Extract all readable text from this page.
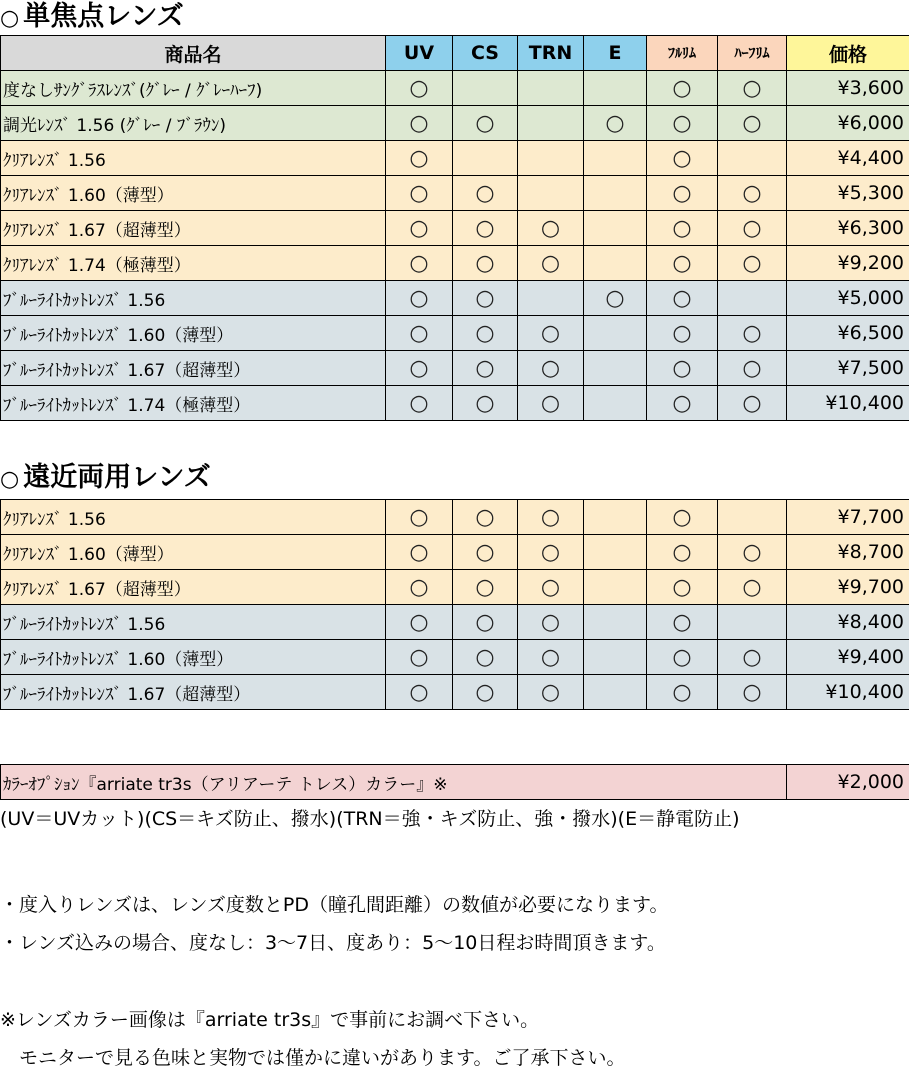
○ 単焦点レンズ
商品名	UV	CS	TRN	E	ﾌﾙﾘﾑ	ﾊｰﾌﾘﾑ	価格
度なしｻﾝｸﾞﾗｽﾚﾝｽﾞ(ｸﾞﾚｰ / ｸﾞﾚｰﾊｰﾌ)	○				○	○	¥3,600
調光ﾚﾝｽﾞ 1.56 (ｸﾞﾚｰ / ﾌﾞﾗｳﾝ)	○	○		○	○	○	¥6,000
ｸﾘｱﾚﾝｽﾞ 1.56	○				○		¥4,400
ｸﾘｱﾚﾝｽﾞ 1.60（薄型）	○	○			○	○	¥5,300
ｸﾘｱﾚﾝｽﾞ 1.67（超薄型）	○	○	○		○	○	¥6,300
ｸﾘｱﾚﾝｽﾞ 1.74（極薄型）	○	○	○		○	○	¥9,200
ﾌﾞﾙｰﾗｲﾄｶｯﾄﾚﾝｽﾞ 1.56	○	○		○	○		¥5,000
ﾌﾞﾙｰﾗｲﾄｶｯﾄﾚﾝｽﾞ 1.60（薄型）	○	○	○		○	○	¥6,500
ﾌﾞﾙｰﾗｲﾄｶｯﾄﾚﾝｽﾞ 1.67（超薄型）	○	○	○		○	○	¥7,500
ﾌﾞﾙｰﾗｲﾄｶｯﾄﾚﾝｽﾞ 1.74（極薄型）	○	○	○		○	○	¥10,400
○ 遠近両用レンズ
ｸﾘｱﾚﾝｽﾞ 1.56	○	○	○		○		¥7,700
ｸﾘｱﾚﾝｽﾞ 1.60（薄型）	○	○	○		○	○	¥8,700
ｸﾘｱﾚﾝｽﾞ 1.67（超薄型）	○	○	○		○	○	¥9,700
ﾌﾞﾙｰﾗｲﾄｶｯﾄﾚﾝｽﾞ 1.56	○	○	○		○		¥8,400
ﾌﾞﾙｰﾗｲﾄｶｯﾄﾚﾝｽﾞ 1.60（薄型）	○	○	○		○	○	¥9,400
ﾌﾞﾙｰﾗｲﾄｶｯﾄﾚﾝｽﾞ 1.67（超薄型）	○	○	○		○	○	¥10,400
ｶﾗｰｵﾌﾟｼｮﾝ『arriate tr3s（アリアーテ トレス）カラー』※	¥2,000
(UV＝UVカット)(CS＝キズ防止、撥水)(TRN＝強・キズ防止、強・撥水)(E＝静電防止)
・度入りレンズは、レンズ度数とPD（瞳孔間距離）の数値が必要になります。
・レンズ込みの場合、度なし：3〜7日、度あり：5〜10日程お時間頂きます。
※レンズカラー画像は『arriate tr3s』で事前にお調べ下さい。
　モニターで見る色味と実物では僅かに違いがあります。ご了承下さい。
